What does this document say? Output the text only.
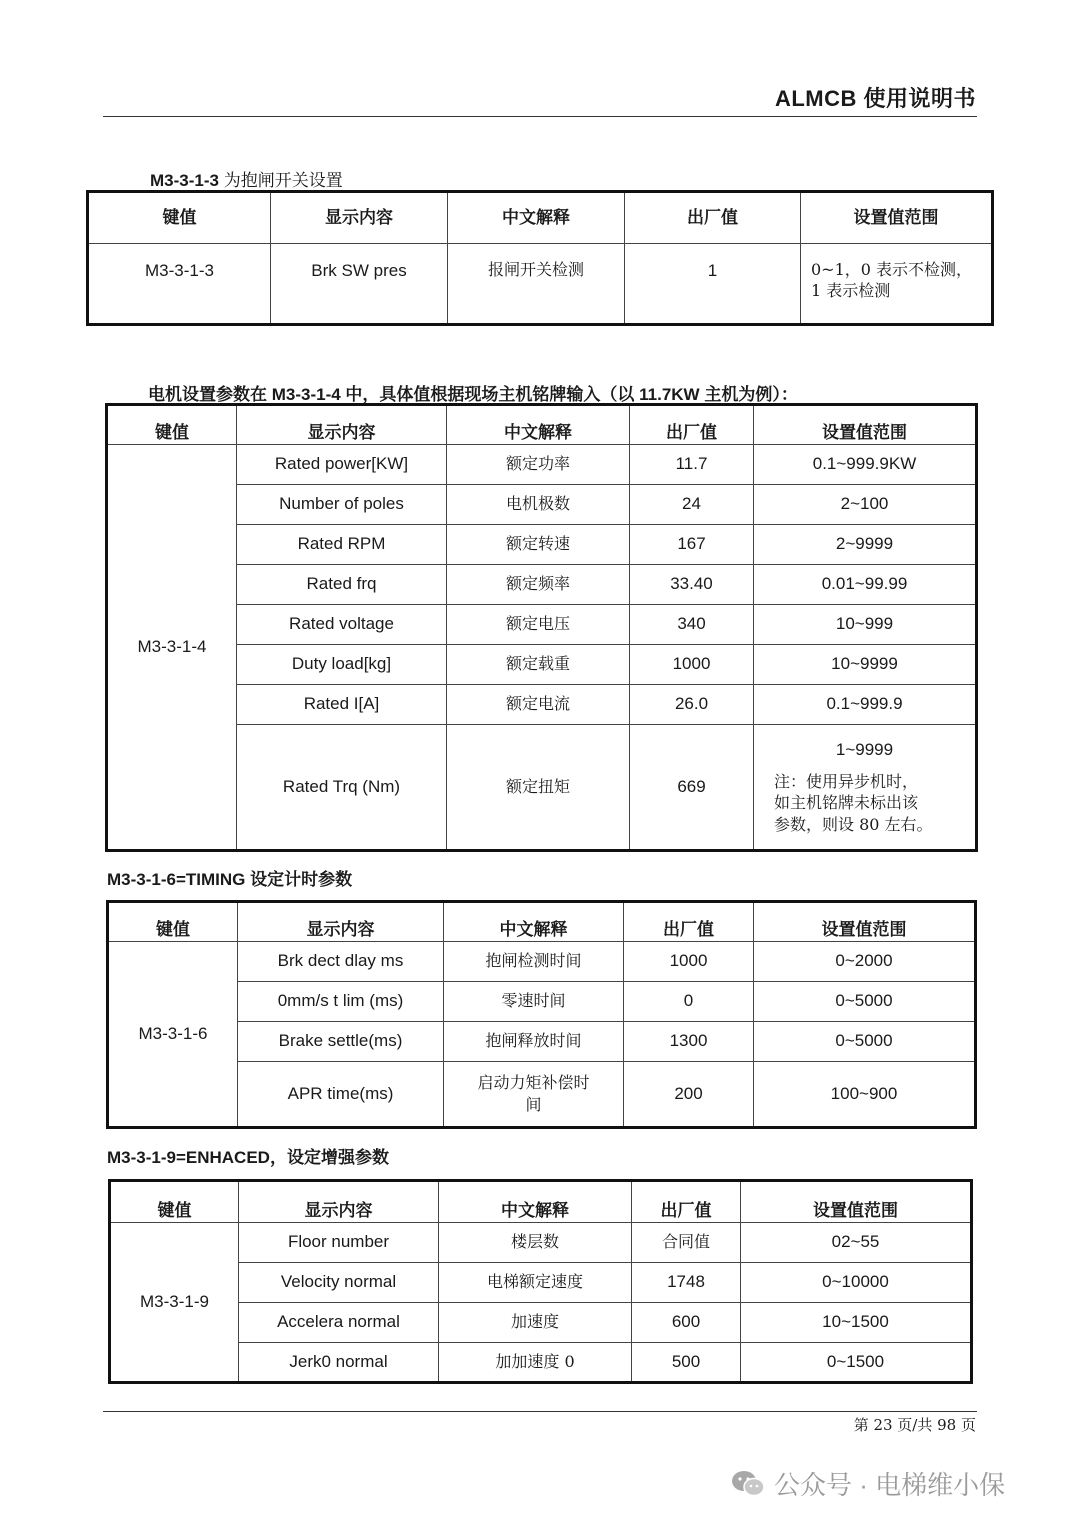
ALMCB 使用说明书
M3-3-1-3 为抱闸开关设置
键值	显示内容	中文解释	出厂值	设置值范围
M3-3-1-3	Brk SW pres	报闸开关检测	1	0~1，0 表示不检测，
1 表示检测
电机设置参数在 M3-3-1-4 中，具体值根据现场主机铭牌输入（以 11.7KW 主机为例）：
键值	显示内容	中文解释	出厂值	设置值范围
M3-3-1-4	Rated power[KW]	额定功率	11.7	0.1~999.9KW
	Number of poles	电机极数	24	2~100
	Rated RPM	额定转速	167	2~9999
	Rated frq	额定频率	33.40	0.01~99.99
	Rated voltage	额定电压	340	10~999
	Duty load[kg]	额定载重	1000	10~9999
	Rated I[A]	额定电流	26.0	0.1~999.9
	Rated Trq (Nm)	额定扭矩	669	1~9999
注：使用异步机时，
如主机铭牌未标出该
参数，则设 80 左右。
M3-3-1-6=TIMING 设定计时参数
键值	显示内容	中文解释	出厂值	设置值范围
M3-3-1-6	Brk dect dlay ms	抱闸检测时间	1000	0~2000
	0mm/s t lim (ms)	零速时间	0	0~5000
	Brake settle(ms)	抱闸释放时间	1300	0~5000
	APR time(ms)	启动力矩补偿时
间	200	100~900
M3-3-1-9=ENHACED，设定增强参数
键值	显示内容	中文解释	出厂值	设置值范围
M3-3-1-9	Floor number	楼层数	合同值	02~55
	Velocity normal	电梯额定速度	1748	0~10000
	Accelera normal	加速度	600	10~1500
	Jerk0 normal	加加速度 0	500	0~1500
第 23 页/共 98 页
公众号 · 电梯维小保
